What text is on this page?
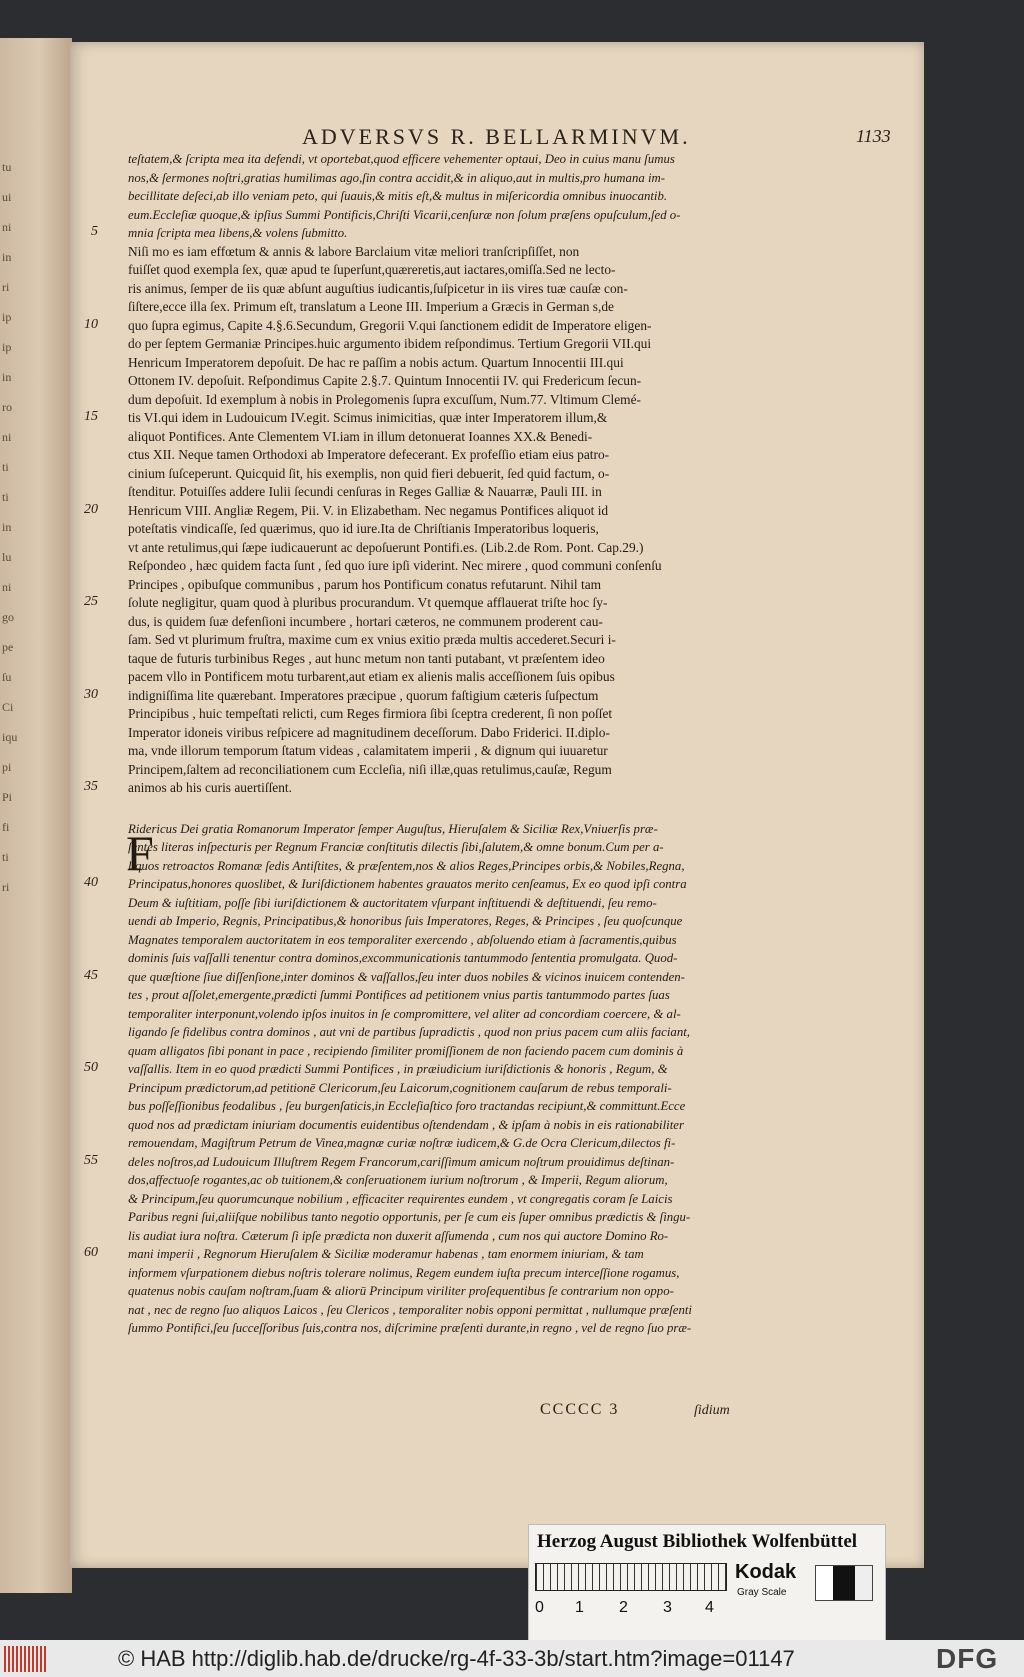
tu
ui
ni
in
ri
ip
ip
in
ro
ni
ti
ti
in
lu
ni
go
pe
ſu
Ci
iqu
pi
Pi
fi
ti
ri
ADVERSVS R. BELLARMINVM.	1133
F
CCCCC 3	ſidium
teſtatem,& ſcripta mea ita defendi, vt oportebat,quod efficere vehementer optaui, Deo in cuius manu ſumus
nos,& ſermones noſtri,gratias humilimas ago,ſin contra accidit,& in aliquo,aut in multis,pro humana im-
becillitate deſeci,ab illo veniam peto, qui ſuauis,& mitis eſt,& multus in miſericordia omnibus inuocantib.
eum.Eccleſiæ quoque,& ipſius Summi Pontificis,Chriſti Vicarii,cenſuræ non ſolum præſens opuſculum,ſed o-
mnia ſcripta mea libens,& volens ſubmitto.
5
Niſi mo es iam effœtum & annis & labore Barclaium vitæ meliori tranſcripſiſſet, non
fuiſſet quod exempla ſex, quæ apud te ſuperſunt,quæreretis,aut iactares,omiſſa.Sed ne lecto-
ris animus, ſemper de iis quæ abſunt auguſtius iudicantis,ſuſpicetur in iis vires tuæ cauſæ con-
ſiſtere,ecce illa ſex. Primum eſt, translatum a Leone III. Imperium a Græcis in German s,de
quo ſupra egimus, Capite 4.§.6.Secundum, Gregorii V.qui ſanctionem edidit de Imperatore eligen-
10
do per ſeptem Germaniæ Principes.huic argumento ibidem reſpondimus. Tertium Gregorii VII.qui
Henricum Imperatorem depoſuit. De hac re paſſim a nobis actum. Quartum Innocentii III.qui
Ottonem IV. depoſuit. Reſpondimus Capite 2.§.7. Quintum Innocentii IV. qui Fredericum ſecun-
dum depoſuit. Id exemplum à nobis in Prolegomenis ſupra excuſſum, Num.77. Vltimum Clemé-
tis VI.qui idem in Ludouicum IV.egit. Scimus inimicitias, quæ inter Imperatorem illum,&
15
aliquot Pontifices. Ante Clementem VI.iam in illum detonuerat Ioannes XX.& Benedi-
ctus XII. Neque tamen Orthodoxi ab Imperatore defecerant. Ex profeſſio etiam eius patro-
cinium ſuſceperunt. Quicquid ſit, his exemplis, non quid fieri debuerit, ſed quid factum, o-
ſtenditur. Potuiſſes addere Iulii ſecundi cenſuras in Reges Galliæ & Nauarræ, Pauli III. in
Henricum VIII. Angliæ Regem, Pii. V. in Elizabetham. Nec negamus Pontifices aliquot id
20
poteſtatis vindicaſſe, ſed quærimus, quo id iure.Ita de Chriſtianis Imperatoribus loqueris,
vt ante retulimus,qui ſæpe iudicauerunt ac depoſuerunt Pontifi.es. (Lib.2.de Rom. Pont. Cap.29.)
Reſpondeo , hæc quidem facta ſunt , ſed quo iure ipſi viderint. Nec mirere , quod communi conſenſu
Principes , opibuſque communibus , parum hos Pontificum conatus refutarunt. Nihil tam
ſolute negligitur, quam quod à pluribus procurandum. Vt quemque afflauerat triſte hoc ſy-
25
dus, is quidem ſuæ defenſioni incumbere , hortari cæteros, ne communem proderent cau-
ſam. Sed vt plurimum fruſtra, maxime cum ex vnius exitio præda multis accederet.Securi i-
taque de futuris turbinibus Reges , aut hunc metum non tanti putabant, vt præſentem ideo
pacem vllo in Pontificem motu turbarent,aut etiam ex alienis malis acceſſionem ſuis opibus
indigniſſima lite quærebant. Imperatores præcipue , quorum faſtigium cæteris ſuſpectum
30
Principibus , huic tempeſtati relicti, cum Reges firmiora ſibi ſceptra crederent, ſi non poſſet
Imperator idoneis viribus reſpicere ad magnitudinem deceſſorum. Dabo Friderici. II.diplo-
ma, vnde illorum temporum ſtatum videas , calamitatem imperii , & dignum qui iuuaretur
Principem,ſaltem ad reconciliationem cum Eccleſia, niſi illæ,quas retulimus,cauſæ, Regum
animos ab his curis auertiſſent.
35
Ridericus Dei gratia Romanorum Imperator ſemper Auguſtus, Hieruſalem & Siciliæ Rex,Vniuerſis præ-
ſentes literas inſpecturis per Regnum Franciæ conſtitutis dilectis ſibi,ſalutem,& omne bonum.Cum per a-
liquos retroactos Romanæ ſedis Antiſtites, & præſentem,nos & alios Reges,Principes orbis,& Nobiles,Regna,
Principatus,honores quoslibet, & Iuriſdictionem habentes grauatos merito cenſeamus, Ex eo quod ipſi contra
40
Deum & iuſtitiam, poſſe ſibi iuriſdictionem & auctoritatem vſurpant inſtituendi & deſtituendi, ſeu remo-
uendi ab Imperio, Regnis, Principatibus,& honoribus ſuis Imperatores, Reges, & Principes , ſeu quoſcunque
Magnates temporalem auctoritatem in eos temporaliter exercendo , abſoluendo etiam à ſacramentis,quibus
dominis ſuis vaſſalli tenentur contra dominos,excommunicationis tantummodo ſententia promulgata. Quod-
que quæſtione ſiue diſſenſione,inter dominos & vaſſallos,ſeu inter duos nobiles & vicinos inuicem contenden-
45
tes , prout aſſolet,emergente,prædicti ſummi Pontifices ad petitionem vnius partis tantummodo partes ſuas
temporaliter interponunt,volendo ipſos inuitos in ſe compromittere, vel aliter ad concordiam coercere, & al-
ligando ſe fidelibus contra dominos , aut vni de partibus ſupradictis , quod non prius pacem cum aliis faciant,
quam alligatos ſibi ponant in pace , recipiendo ſimiliter promiſſionem de non faciendo pacem cum dominis à
vaſſallis. Item in eo quod prædicti Summi Pontifices , in præiudicium iuriſdictionis & honoris , Regum, &
50
Principum prædictorum,ad petitionē Clericorum,ſeu Laicorum,cognitionem cauſarum de rebus temporali-
bus poſſeſſionibus feodalibus , ſeu burgenſaticis,in Eccleſiaſtico foro tractandas recipiunt,& committunt.Ecce
quod nos ad prædictam iniuriam documentis euidentibus oſtendendam , & ipſam à nobis in eis rationabiliter
remouendam, Magiſtrum Petrum de Vinea,magnæ curiæ noſtræ iudicem,& G.de Ocra Clericum,dilectos fi-
deles noſtros,ad Ludouicum Illuſtrem Regem Francorum,cariſſimum amicum noſtrum prouidimus deſtinan-
55
dos,affectuoſe rogantes,ac ob tuitionem,& conſeruationem iurium noſtrorum , & Imperii, Regum aliorum,
& Principum,ſeu quorumcunque nobilium , efficaciter requirentes eundem , vt congregatis coram ſe Laicis
Paribus regni ſui,aliiſque nobilibus tanto negotio opportunis, per ſe cum eis ſuper omnibus prædictis & ſingu-
lis audiat iura noſtra. Cæterum ſi ipſe prædicta non duxerit aſſumenda , cum nos qui auctore Domino Ro-
mani imperii , Regnorum Hieruſalem & Siciliæ moderamur habenas , tam enormem iniuriam, & tam
60
informem vſurpationem diebus noſtris tolerare nolimus, Regem eundem iuſta precum interceſſione rogamus,
quatenus nobis cauſam noſtram,ſuam & aliorū Principum viriliter proſequentibus ſe contrarium non oppo-
nat , nec de regno ſuo aliquos Laicos , ſeu Clericos , temporaliter nobis opponi permittat , nullumque præſenti
ſummo Pontifici,ſeu ſucceſſoribus ſuis,contra nos, diſcrimine præſenti durante,in regno , vel de regno ſuo præ-
Herzog August Bibliothek Wolfenbüttel
0 1 2 3 4
Kodak
Gray Scale
© HAB http://diglib.hab.de/drucke/rg-4f-33-3b/start.htm?image=01147	DFG
